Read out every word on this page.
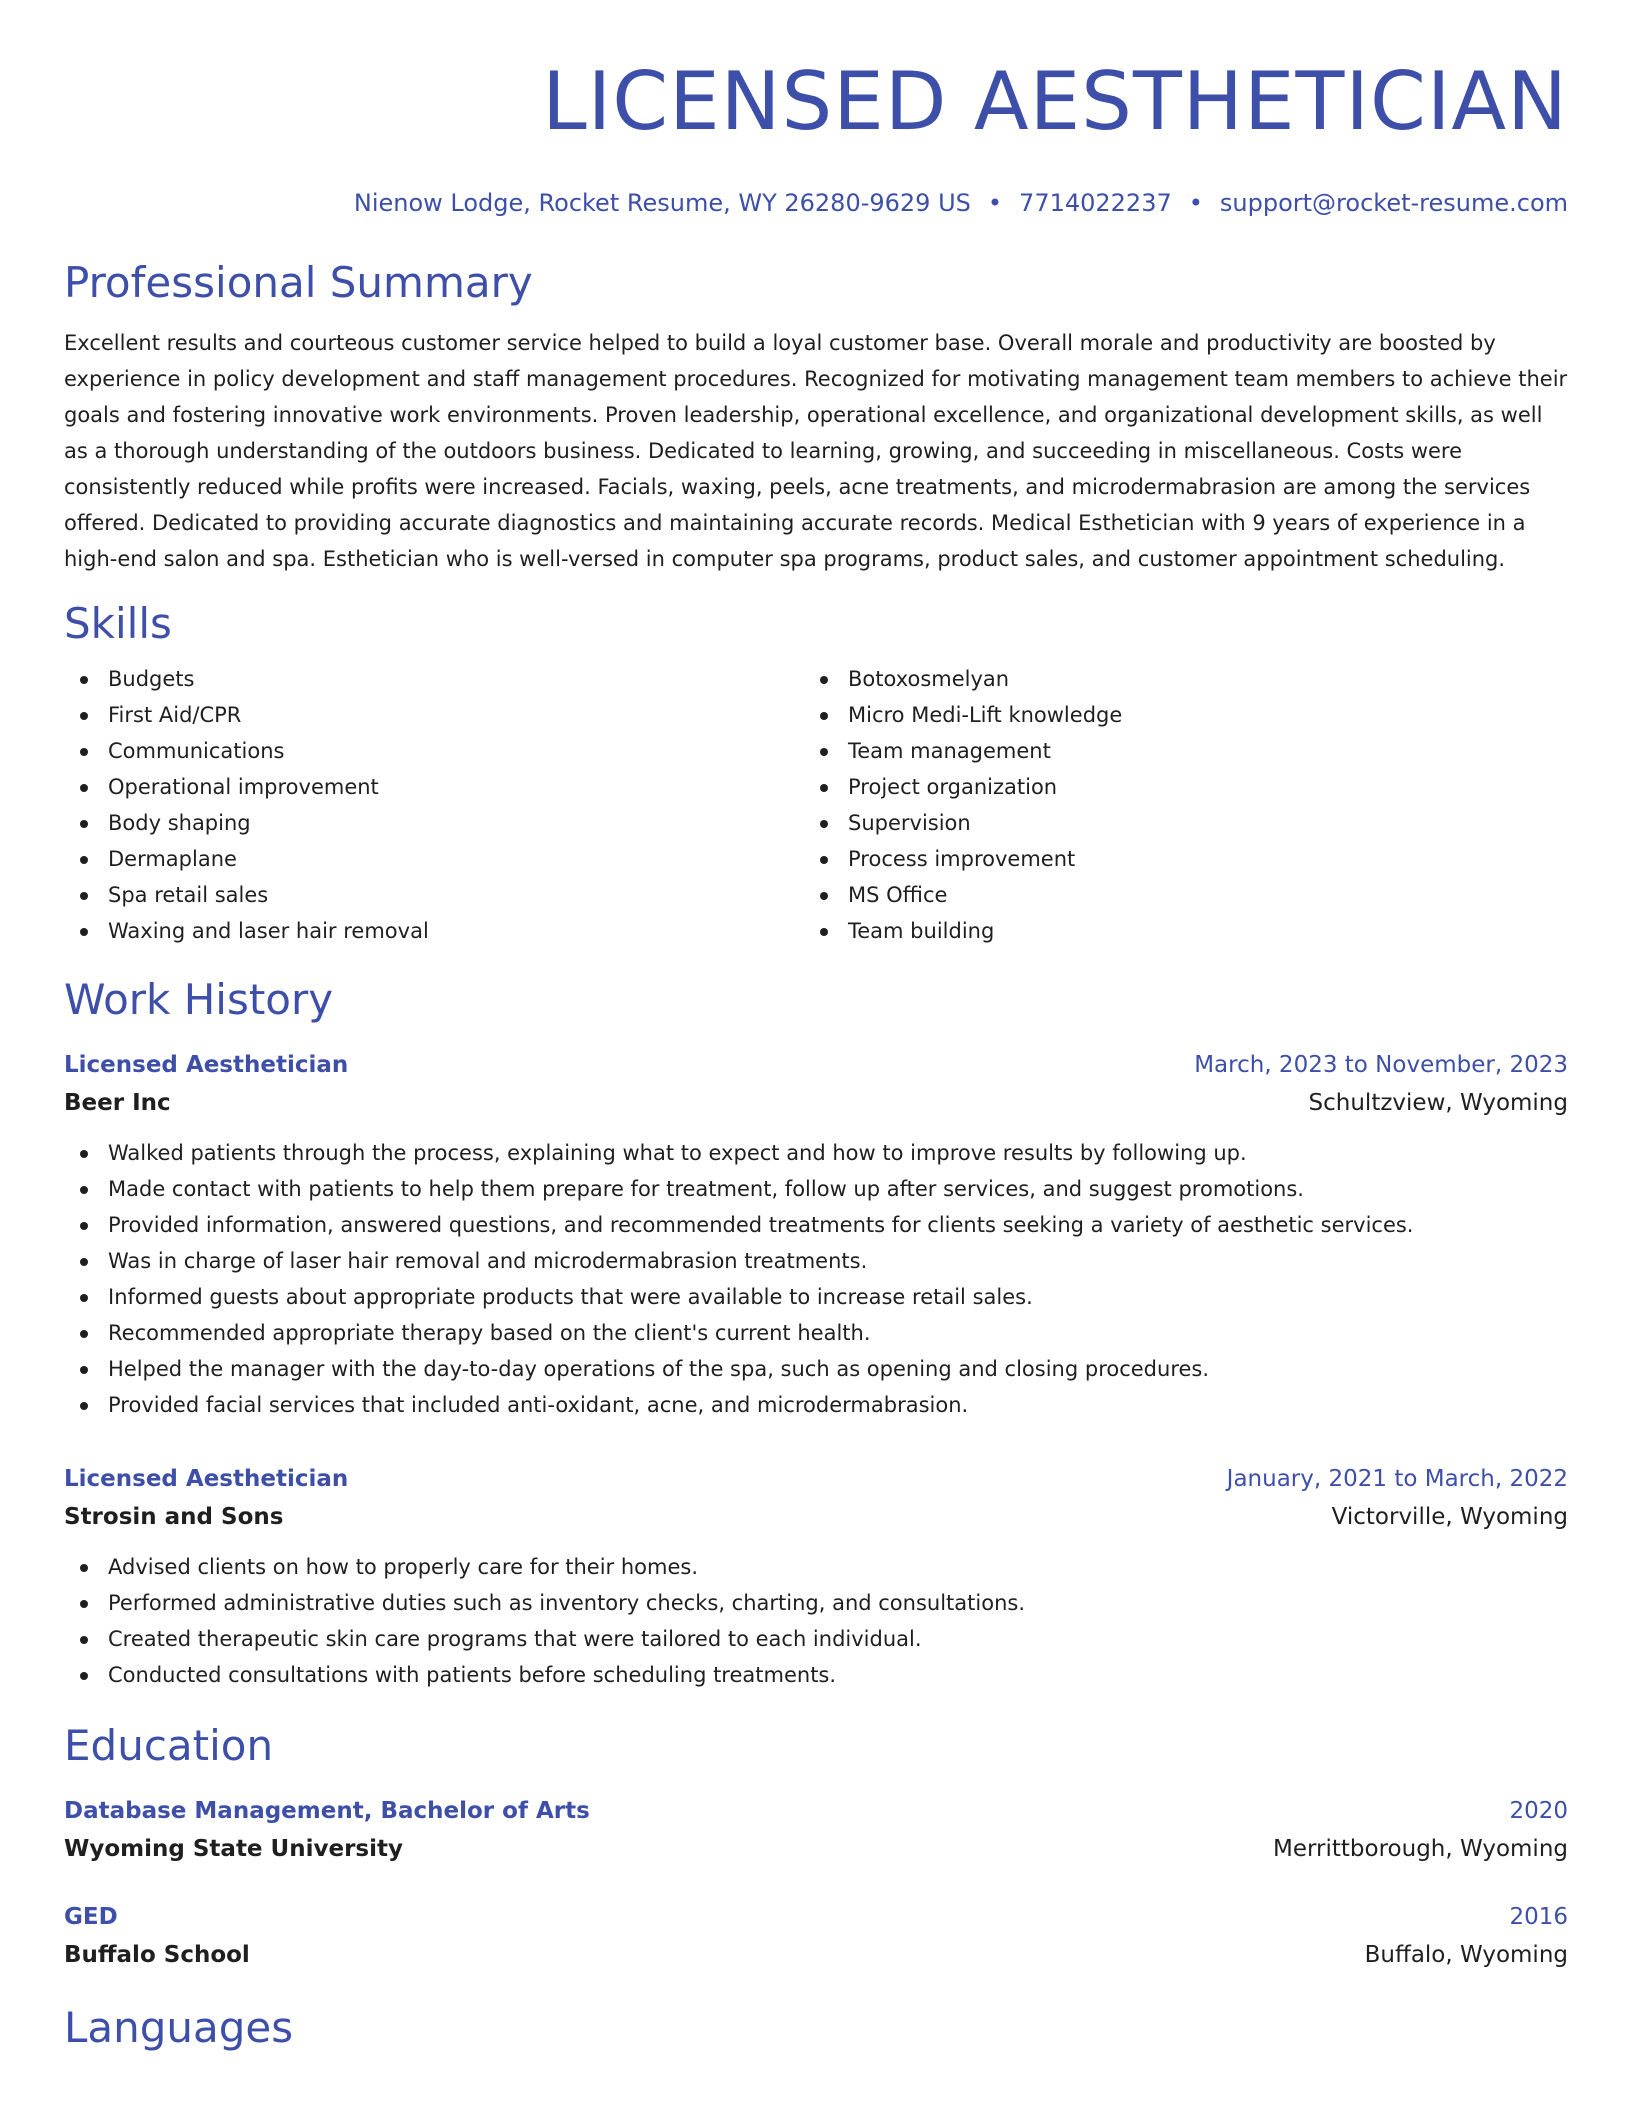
LICENSED AESTHETICIAN
Nienow Lodge, Rocket Resume, WY 26280-9629 US • 7714022237 • support@rocket-resume.com
Professional Summary

Excellent results and courteous customer service helped to build a loyal customer base. Overall morale and productivity are boosted by experience in policy development and staff management procedures. Recognized for motivating management team members to achieve their goals and fostering innovative work environments. Proven leadership, operational excellence, and organizational development skills, as well as a thorough understanding of the outdoors business. Dedicated to learning, growing, and succeeding in miscellaneous. Costs were consistently reduced while profits were increased. Facials, waxing, peels, acne treatments, and microdermabrasion are among the services offered. Dedicated to providing accurate diagnostics and maintaining accurate records. Medical Esthetician with 9 years of experience in a high-end salon and spa. Esthetician who is well-versed in computer spa programs, product sales, and customer appointment scheduling.

Skills
Budgets
First Aid/CPR
Communications
Operational improvement
Body shaping
Dermaplane
Spa retail sales
Waxing and laser hair removal
Botoxosmelyan
Micro Medi-Lift knowledge
Team management
Project organization
Supervision
Process improvement
MS Office
Team building
Work History
Licensed Aesthetician	March, 2023 to November, 2023
Beer Inc	Schultzview, Wyoming
Walked patients through the process, explaining what to expect and how to improve results by following up.
Made contact with patients to help them prepare for treatment, follow up after services, and suggest promotions.
Provided information, answered questions, and recommended treatments for clients seeking a variety of aesthetic services.
Was in charge of laser hair removal and microdermabrasion treatments.
Informed guests about appropriate products that were available to increase retail sales.
Recommended appropriate therapy based on the client's current health.
Helped the manager with the day-to-day operations of the spa, such as opening and closing procedures.
Provided facial services that included anti-oxidant, acne, and microdermabrasion.
Licensed Aesthetician	January, 2021 to March, 2022
Strosin and Sons	Victorville, Wyoming
Advised clients on how to properly care for their homes.
Performed administrative duties such as inventory checks, charting, and consultations.
Created therapeutic skin care programs that were tailored to each individual.
Conducted consultations with patients before scheduling treatments.
Education
Database Management, Bachelor of Arts	2020
Wyoming State University	Merrittborough, Wyoming
GED	2016
Buffalo School	Buffalo, Wyoming
Languages
